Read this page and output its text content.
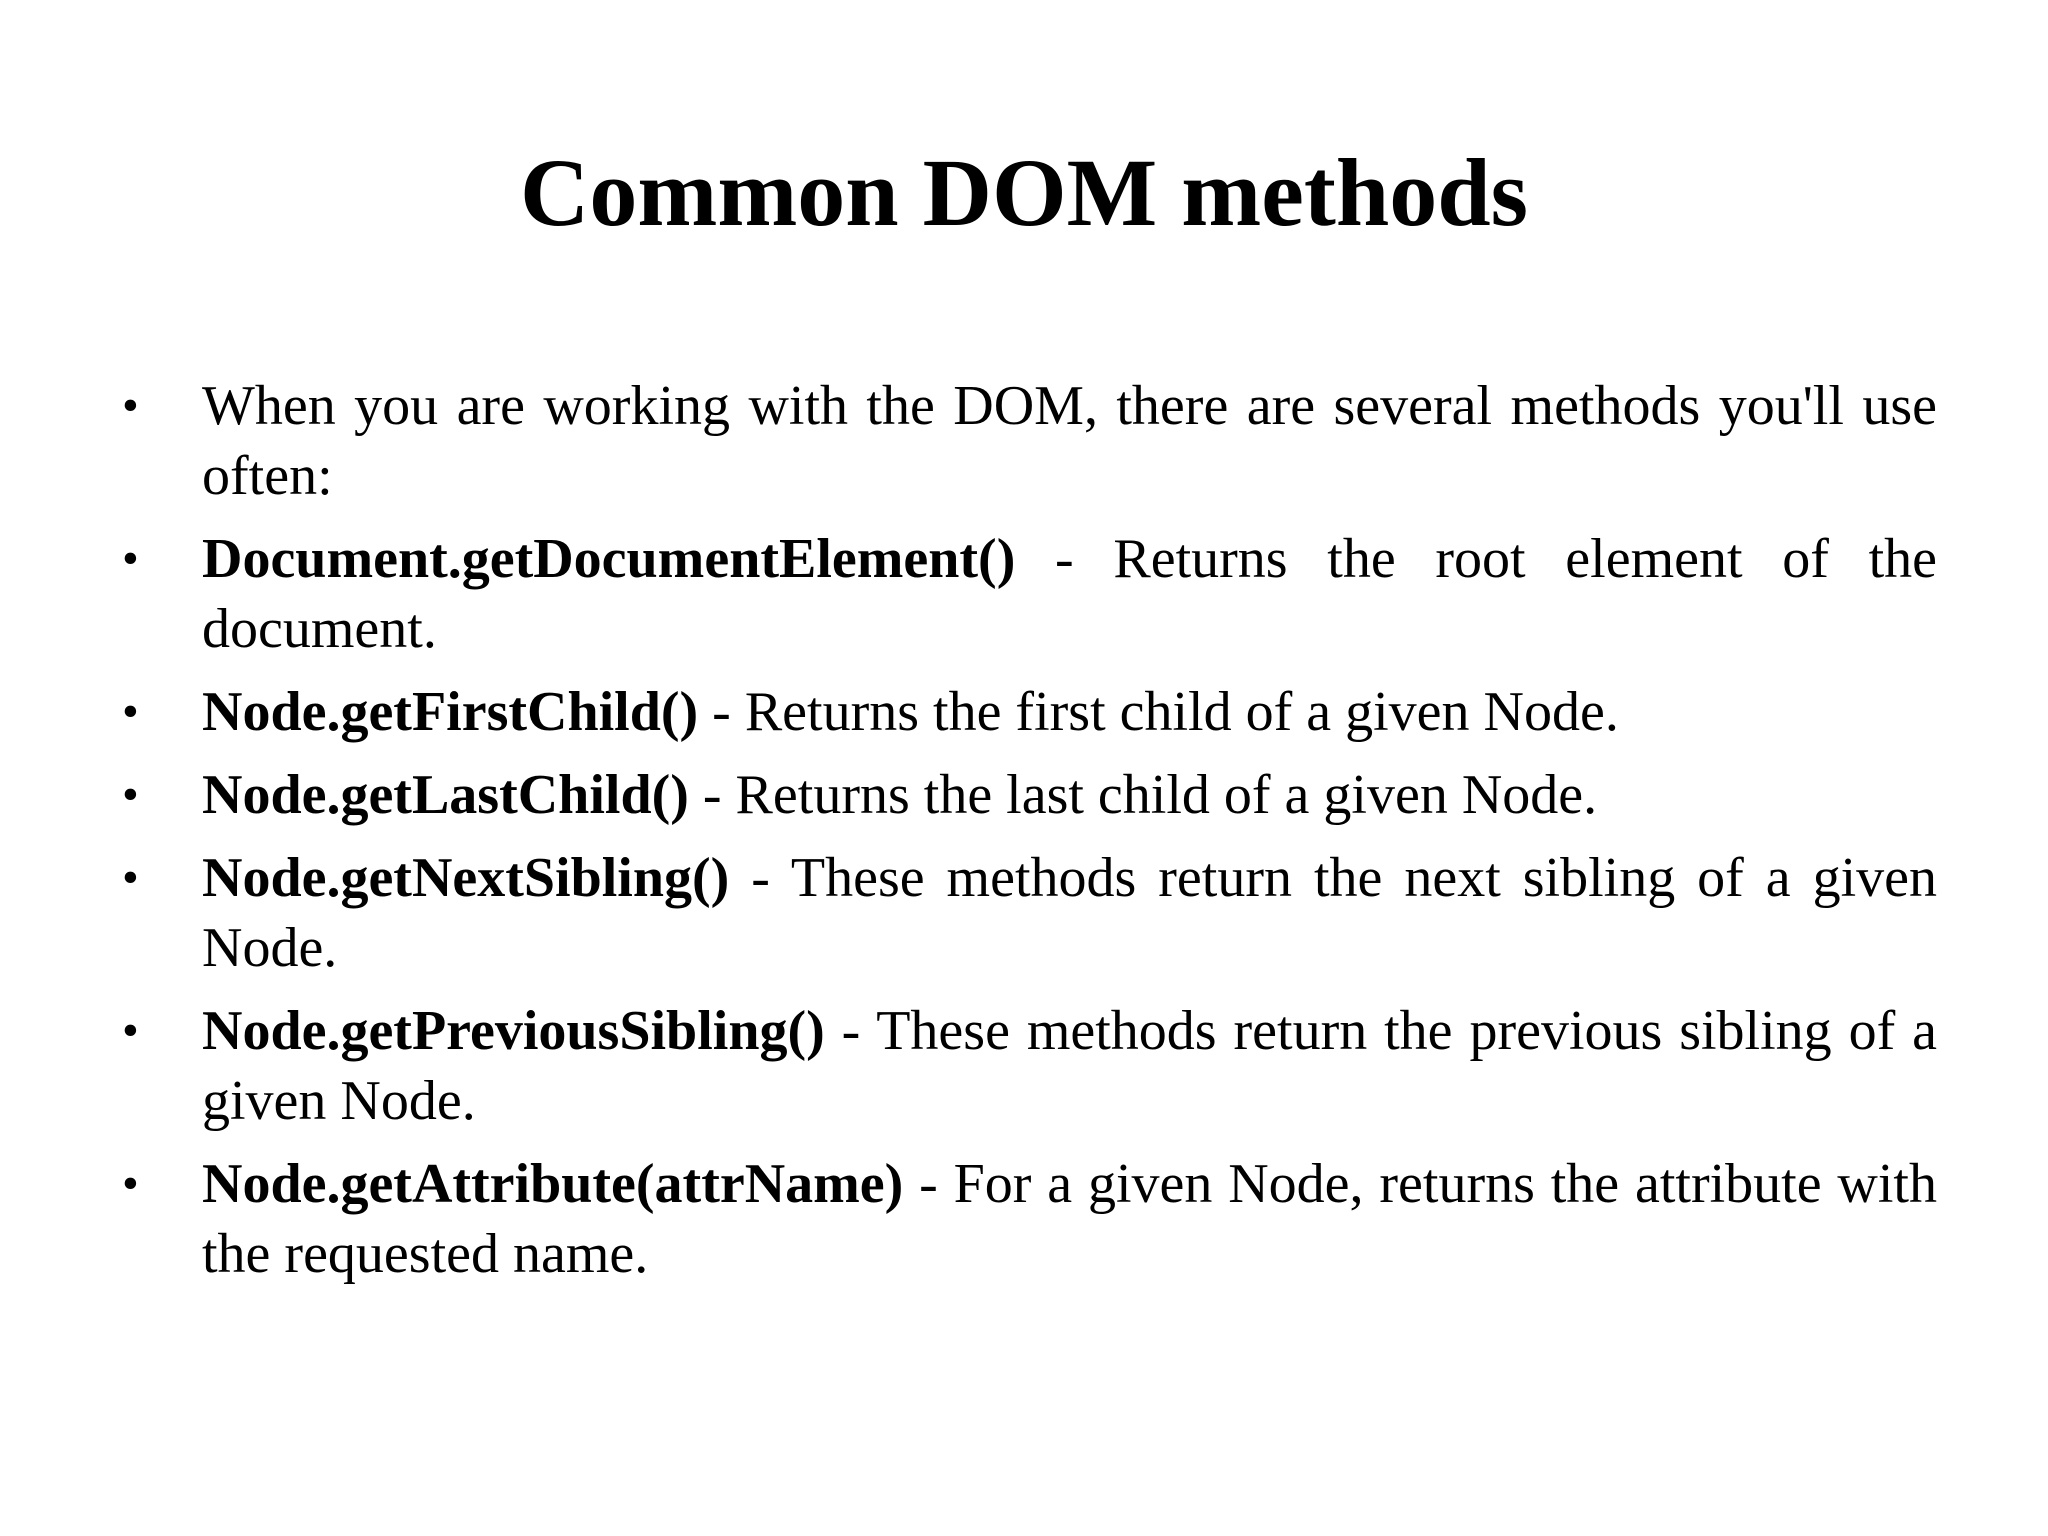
Common DOM methods
• When you are working with the DOM, there are several methods you'll use often:
• Document.getDocumentElement() - Returns the root element of the document.
• Node.getFirstChild() - Returns the first child of a given Node.
• Node.getLastChild() - Returns the last child of a given Node.
• Node.getNextSibling() - These methods return the next sibling of a given Node.
• Node.getPreviousSibling() - These methods return the previous sibling of a given Node.
• Node.getAttribute(attrName) - For a given Node, returns the attribute with the requested name.
